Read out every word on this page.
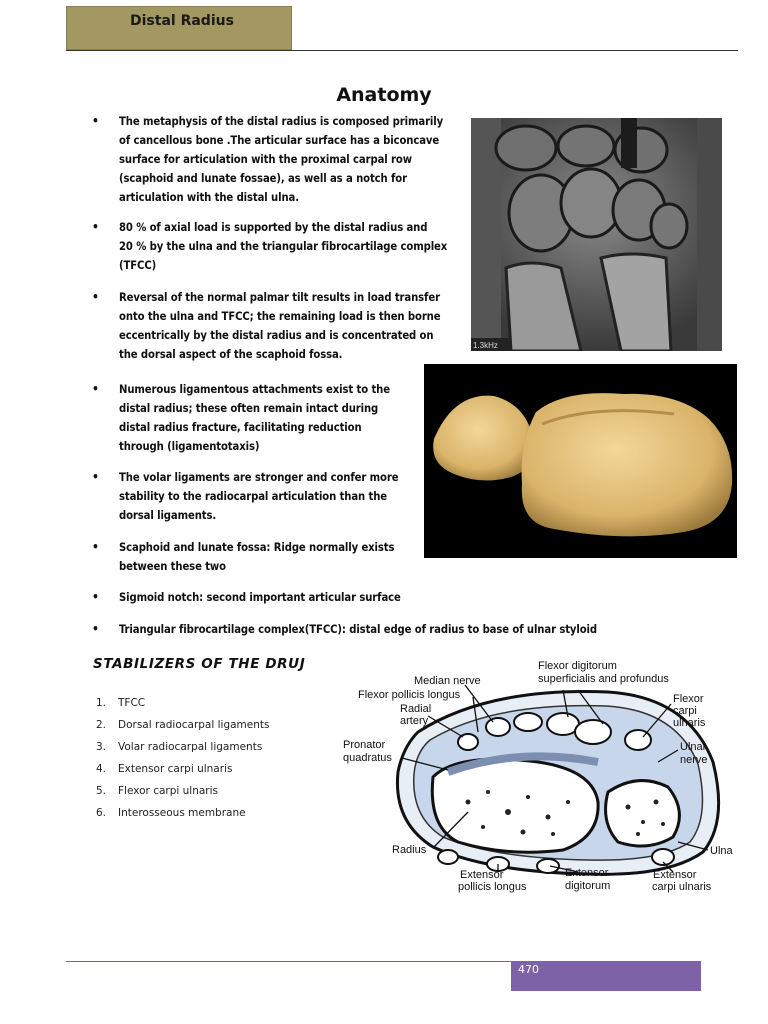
Distal Radius
Anatomy
• The metaphysis of the distal radius is composed primarily
of cancellous bone .The articular surface has a biconcave
surface for articulation with the proximal carpal row
(scaphoid and lunate fossae), as well as a notch for
articulation with the distal ulna.
• 80 % of axial load is supported by the distal radius and
20 % by the ulna and the triangular fibrocartilage complex
(TFCC)
• Reversal of the normal palmar tilt results in load transfer
onto the ulna and TFCC; the remaining load is then borne
eccentrically by the distal radius and is concentrated on
the dorsal aspect of the scaphoid fossa.
• Numerous ligamentous attachments exist to the
distal radius; these often remain intact during
distal radius fracture, facilitating reduction
through (ligamentotaxis)
• The volar ligaments are stronger and confer more
stability to the radiocarpal articulation than the
dorsal ligaments.
• Scaphoid and lunate fossa: Ridge normally exists
between these two
• Sigmoid notch: second important articular surface
• Triangular fibrocartilage complex(TFCC): distal edge of radius to base of ulnar styloid
1.3kHz
STABILIZERS OF THE DRUJ
1. TFCC
2. Dorsal radiocarpal ligaments
3. Volar radiocarpal ligaments
4. Extensor carpi ulnaris
5. Flexor carpi ulnaris
6. Interosseous membrane
Median nerve
Flexor digitorum
superficialis and profundus
Flexor pollicis longus
Radial
artery
Flexor
carpi
ulnaris
Pronator
quadratus
Ulnar
nerve
Radius	Ulna
Extensor
pollicis longus
Extensor
digitorum
Extensor
carpi ulnaris
470
